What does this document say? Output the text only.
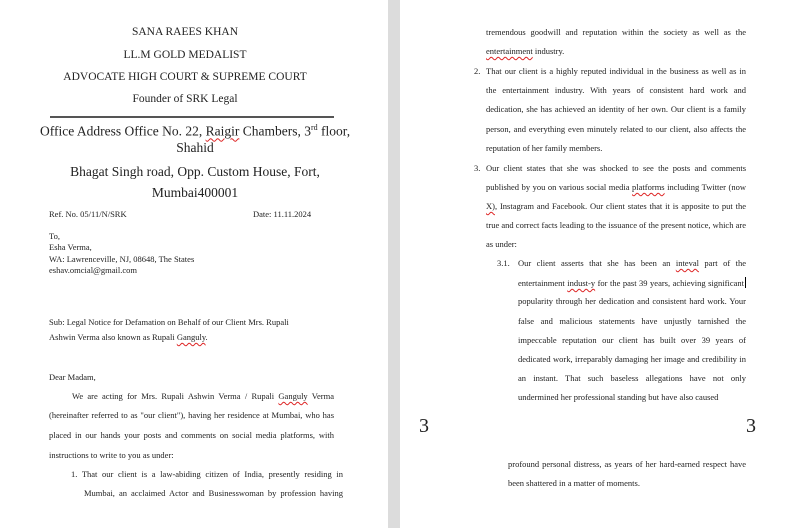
SANA RAEES KHAN
LL.M GOLD MEDALIST
ADVOCATE HIGH COURT & SUPREME COURT
Founder of SRK Legal
Office Address Office No. 22, Raigir Chambers, 3rd floor,
Shahid
Bhagat Singh road, Opp. Custom House, Fort,
Mumbai400001
Ref. No. 05/11/N/SRK	Date: 11.11.2024
To,
Esha Verma,
WA: Lawrenceville, NJ, 08648, The States
eshav.omcial@gmail.com
Sub: Legal Notice for Defamation on Behalf of our Client Mrs. Rupali
Ashwin Verma also known as Rupali Ganguly.
Dear Madam,
We are acting for Mrs. Rupali Ashwin Verma / Rupali Ganguly Verma
(hereinafter referred to as "our client"), having her residence at Mumbai, who has
placed in our hands your posts and comments on social media platforms, with
instructions to write to you as under:
1. That our client is a law-abiding citizen of India, presently residing in
Mumbai, an acclaimed Actor and Businesswoman by profession having
tremendous goodwill and reputation within the society as well as the
entertainment industry.
2. That our client is a highly reputed individual in the business as well as in
the entertainment industry. With years of consistent hard work and
dedication, she has achieved an identity of her own. Our client is a family
person, and everything even minutely related to our client, also affects the
reputation of her family members.
3. Our client states that she was shocked to see the posts and comments
published by you on various social media platforms including Twitter (now
X), Instagram and Facebook. Our client states that it is apposite to put the
true and correct facts leading to the issuance of the present notice, which are
as under:
3.1. Our client asserts that she has been an inteval part of the
entertainment indust-y for the past 39 years, achieving significant
popularity through her dedication and consistent hard work. Your
false and malicious statements have unjustly tarnished the
impeccable reputation our client has built over 39 years of
dedicated work, irreparably damaging her image and credibility in
an instant. That such baseless allegations have not only
undermined her professional standing but have also caused
3	3
profound personal distress, as years of her hard-earned respect have
been shattered in a matter of moments.
